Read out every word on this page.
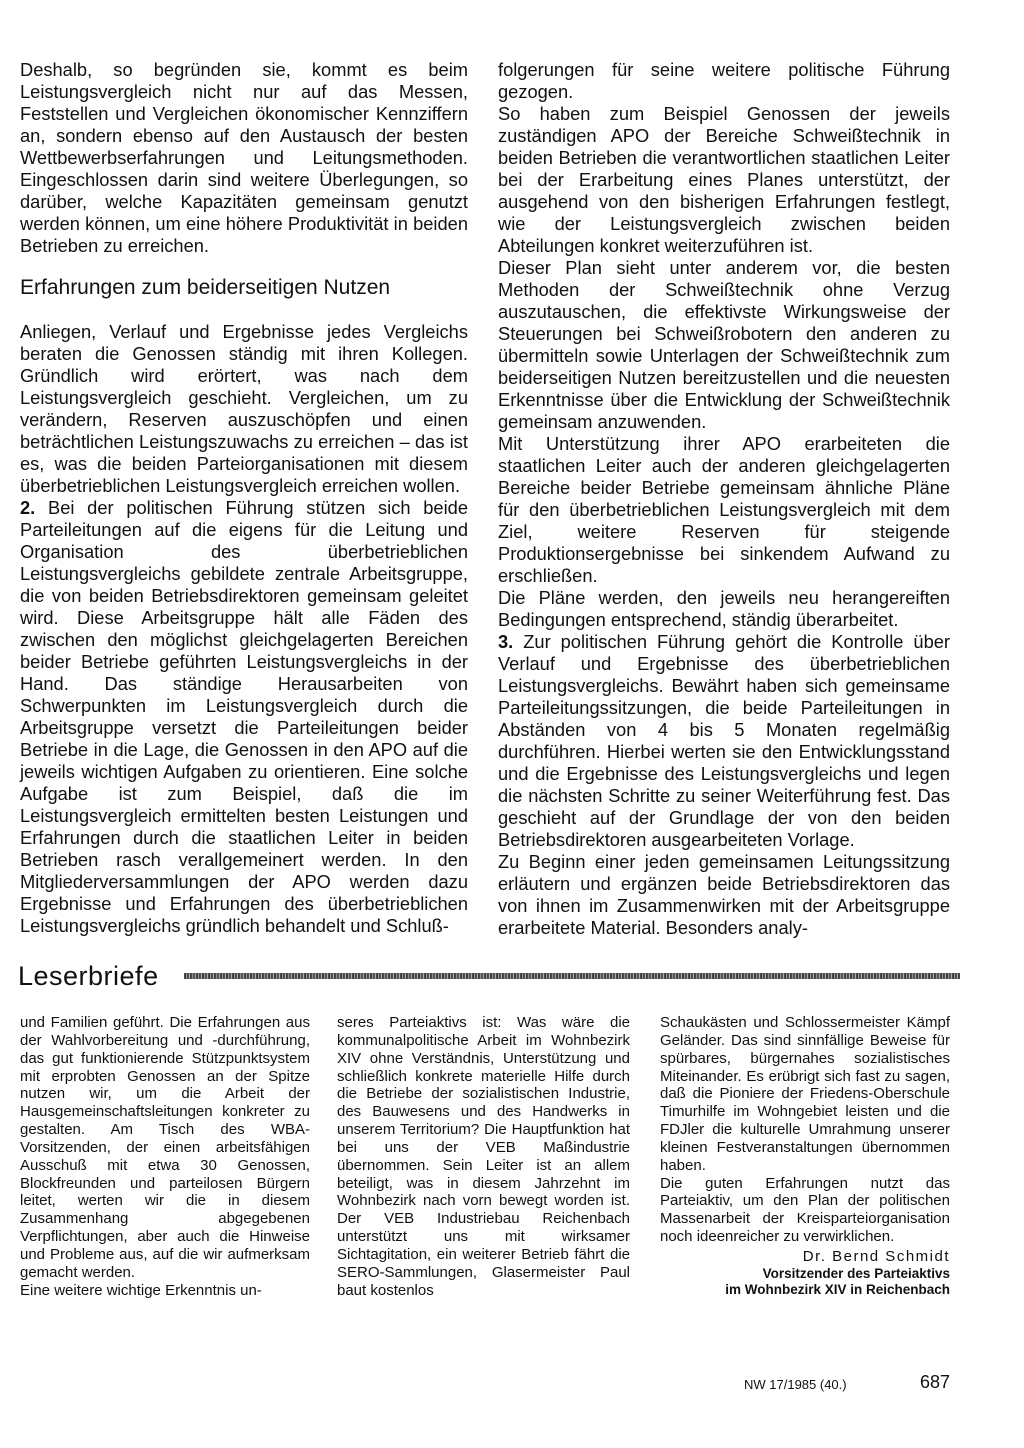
Deshalb, so begründen sie, kommt es beim Leistungsvergleich nicht nur auf das Messen, Feststellen und Vergleichen ökonomischer Kennziffern an, sondern ebenso auf den Austausch der besten Wettbewerbserfahrungen und Leitungsmethoden. Eingeschlossen darin sind weitere Überlegungen, so darüber, welche Kapazitäten gemeinsam genutzt werden können, um eine höhere Produktivität in beiden Betrieben zu erreichen.

Erfahrungen zum beiderseitigen Nutzen

Anliegen, Verlauf und Ergebnisse jedes Vergleichs beraten die Genossen ständig mit ihren Kollegen. Gründlich wird erörtert, was nach dem Leistungsvergleich geschieht. Vergleichen, um zu verändern, Reserven auszuschöpfen und einen beträchtlichen Leistungszuwachs zu erreichen – das ist es, was die beiden Parteiorganisationen mit diesem überbetrieblichen Leistungsvergleich erreichen wollen.

2. Bei der politischen Führung stützen sich beide Parteileitungen auf die eigens für die Leitung und Organisation des überbetrieblichen Leistungsvergleichs gebildete zentrale Arbeitsgruppe, die von beiden Betriebsdirektoren gemeinsam geleitet wird. Diese Arbeitsgruppe hält alle Fäden des zwischen den möglichst gleichgelagerten Bereichen beider Betriebe geführten Leistungsvergleichs in der Hand. Das ständige Herausarbeiten von Schwerpunkten im Leistungsvergleich durch die Arbeitsgruppe versetzt die Parteileitungen beider Betriebe in die Lage, die Genossen in den APO auf die jeweils wichtigen Aufgaben zu orientieren. Eine solche Aufgabe ist zum Beispiel, daß die im Leistungsvergleich ermittelten besten Leistungen und Erfahrungen durch die staatlichen Leiter in beiden Betrieben rasch verallgemeinert werden. In den Mitgliederversammlungen der APO werden dazu Ergebnisse und Erfahrungen des überbetrieblichen Leistungsvergleichs gründlich behandelt und Schluß-

folgerungen für seine weitere politische Führung gezogen.

So haben zum Beispiel Genossen der jeweils zuständigen APO der Bereiche Schweißtechnik in beiden Betrieben die verantwortlichen staatlichen Leiter bei der Erarbeitung eines Planes unterstützt, der ausgehend von den bisherigen Erfahrungen festlegt, wie der Leistungsvergleich zwischen beiden Abteilungen konkret weiterzuführen ist.

Dieser Plan sieht unter anderem vor, die besten Methoden der Schweißtechnik ohne Verzug auszutauschen, die effektivste Wirkungsweise der Steuerungen bei Schweißrobotern den anderen zu übermitteln sowie Unterlagen der Schweißtechnik zum beiderseitigen Nutzen bereitzustellen und die neuesten Erkenntnisse über die Entwicklung der Schweißtechnik gemeinsam anzuwenden.

Mit Unterstützung ihrer APO erarbeiteten die staatlichen Leiter auch der anderen gleichgelagerten Bereiche beider Betriebe gemeinsam ähnliche Pläne für den überbetrieblichen Leistungsvergleich mit dem Ziel, weitere Reserven für steigende Produktionsergebnisse bei sinkendem Aufwand zu erschließen.

Die Pläne werden, den jeweils neu herangereiften Bedingungen entsprechend, ständig überarbeitet.

3. Zur politischen Führung gehört die Kontrolle über Verlauf und Ergebnisse des überbetrieblichen Leistungsvergleichs. Bewährt haben sich gemeinsame Parteileitungssitzungen, die beide Parteileitungen in Abständen von 4 bis 5 Monaten regelmäßig durchführen. Hierbei werten sie den Entwicklungsstand und die Ergebnisse des Leistungsvergleichs und legen die nächsten Schritte zu seiner Weiterführung fest. Das geschieht auf der Grundlage der von den beiden Betriebsdirektoren ausgearbeiteten Vorlage.

Zu Beginn einer jeden gemeinsamen Leitungssitzung erläutern und ergänzen beide Betriebsdirektoren das von ihnen im Zusammenwirken mit der Arbeitsgruppe erarbeitete Material. Besonders analy-

Leserbriefe

und Familien geführt. Die Erfahrungen aus der Wahlvorbereitung und -durchführung, das gut funktionierende Stützpunktsystem mit erprobten Genossen an der Spitze nutzen wir, um die Arbeit der Hausgemeinschaftsleitungen konkreter zu gestalten. Am Tisch des WBA-Vorsitzenden, der einen arbeitsfähigen Ausschuß mit etwa 30 Genossen, Blockfreunden und parteilosen Bürgern leitet, werten wir die in diesem Zusammenhang abgegebenen Verpflichtungen, aber auch die Hinweise und Probleme aus, auf die wir aufmerksam gemacht werden.

Eine weitere wichtige Erkenntnis un-

seres Parteiaktivs ist: Was wäre die kommunalpolitische Arbeit im Wohnbezirk XIV ohne Verständnis, Unterstützung und schließlich konkrete materielle Hilfe durch die Betriebe der sozialistischen Industrie, des Bauwesens und des Handwerks in unserem Territorium? Die Hauptfunktion hat bei uns der VEB Maßindustrie übernommen. Sein Leiter ist an allem beteiligt, was in diesem Jahrzehnt im Wohnbezirk nach vorn bewegt worden ist. Der VEB Industriebau Reichenbach unterstützt uns mit wirksamer Sichtagitation, ein weiterer Betrieb fährt die SERO-Sammlungen, Glasermeister Paul baut kostenlos

Schaukästen und Schlossermeister Kämpf Geländer. Das sind sinnfällige Beweise für spürbares, bürgernahes sozialistisches Miteinander. Es erübrigt sich fast zu sagen, daß die Pioniere der Friedens-Oberschule Timurhilfe im Wohngebiet leisten und die FDJler die kulturelle Umrahmung unserer kleinen Festveranstaltungen übernommen haben.

Die guten Erfahrungen nutzt das Parteiaktiv, um den Plan der politischen Massenarbeit der Kreisparteiorganisation noch ideenreicher zu verwirklichen.

Dr. Bernd Schmidt
Vorsitzender des Parteiaktivs
im Wohnbezirk XIV in Reichenbach
NW 17/1985 (40.)	687
